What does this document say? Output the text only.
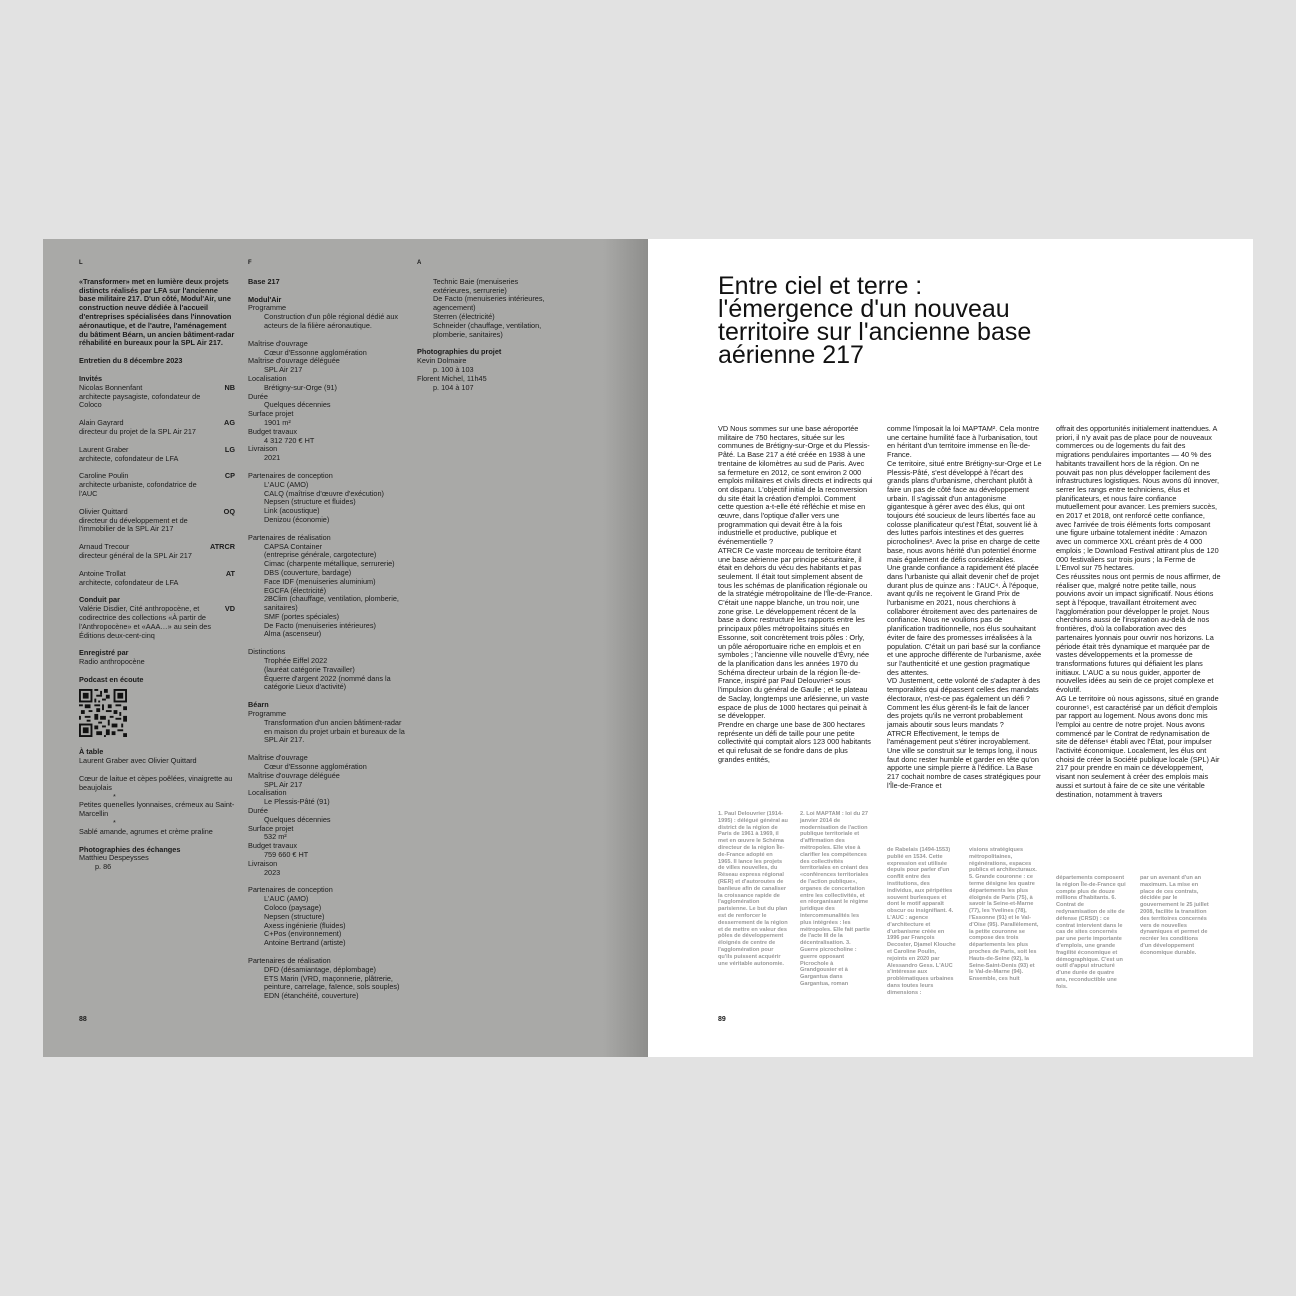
L
«Transformer» met en lumière deux projets distincts réalisés par LFA sur l'ancienne base militaire 217. D'un côté, Modul'Air, une construction neuve dédiée à l'accueil d'entreprises spécialisées dans l'innovation aéronautique, et de l'autre, l'aménagement du bâtiment Béarn, un ancien bâtiment-radar réhabilité en bureaux pour la SPL Air 217.
Entretien du 8 décembre 2023
Invités
Nicolas Bonnenfant
architecte paysagiste, cofondateur de Coloco
NB
Alain Gayrard
directeur du projet de la SPL Air 217
AG
Laurent Graber
architecte, cofondateur de LFA
LG
Caroline Poulin
architecte urbaniste, cofondatrice de l'AUC
CP
Olivier Quittard
directeur du développement et de l'immobilier de la SPL Air 217
OQ
Arnaud Trecour
directeur général de la SPL Air 217
ATRCR
Antoine Trollat
architecte, cofondateur de LFA
AT
Conduit par
Valérie Disdier, Cité anthropocène, et codirectrice des collections «À partir de l'Anthropocène» et «AAA…» au sein des Éditions deux-cent-cinq
VD
Enregistré par
Radio anthropocène
Podcast en écoute
À table
Laurent Graber avec Olivier Quittard
Cœur de laitue et cèpes poêlées, vinaigrette au beaujolais
*
Petites quenelles lyonnaises, crémeux au Saint-Marcellin
*
Sablé amande, agrumes et crème praline
Photographies des échanges
Matthieu Despeysses
p. 86
F
Base 217
Modul'Air
Programme
Construction d'un pôle régional dédié aux acteurs de la filière aéronautique.
Maîtrise d'ouvrage
Cœur d'Essonne agglomération
Maîtrise d'ouvrage déléguée
SPL Air 217
Localisation
Brétigny-sur-Orge (91)
Durée
Quelques décennies
Surface projet
1901 m²
Budget travaux
4 312 720 € HT
Livraison
2021
Partenaires de conception
L'AUC (AMO)
CALQ (maîtrise d'œuvre d'exécution)
Nepsen (structure et fluides)
Link (acoustique)
Denizou (économie)
Partenaires de réalisation
CAPSA Container
(entreprise générale, cargotecture)
Cimac (charpente métallique, serrurerie)
DBS (couverture, bardage)
Face IDF (menuiseries aluminium)
EGCFA (électricité)
2BClim (chauffage, ventilation, plomberie, sanitaires)
SMF (portes spéciales)
De Facto (menuiseries intérieures)
Alma (ascenseur)
Distinctions
Trophée Eiffel 2022
(lauréat catégorie Travailler)
Équerre d'argent 2022 (nommé dans la catégorie Lieux d'activité)
Béarn
Programme
Transformation d'un ancien bâtiment-radar en maison du projet urbain et bureaux de la SPL Air 217.
Maîtrise d'ouvrage
Cœur d'Essonne agglomération
Maîtrise d'ouvrage déléguée
SPL Air 217
Localisation
Le Plessis-Pâté (91)
Durée
Quelques décennies
Surface projet
532 m²
Budget travaux
759 660 € HT
Livraison
2023
Partenaires de conception
L'AUC (AMO)
Coloco (paysage)
Nepsen (structure)
Axess ingénierie (fluides)
C+Pos (environnement)
Antoine Bertrand (artiste)
Partenaires de réalisation
DFD (désamiantage, déplombage)
ETS Marin (VRD, maçonnerie, plâtrerie, peinture, carrelage, faïence, sols souples)
EDN (étanchéité, couverture)
A
Technic Baie (menuiseries extérieures, serrurerie)
De Facto (menuiseries intérieures, agencement)
Sterren (électricité)
Schneider (chauffage, ventilation, plomberie, sanitaires)
Photographies du projet
Kevin Dolmaire
p. 100 à 103
Florent Michel, 11h45
p. 104 à 107
88
Entre ciel et terre : l'émergence d'un nouveau territoire sur l'ancienne base aérienne 217

VD Nous sommes sur une base aéroportée militaire de 750 hectares, située sur les communes de Brétigny-sur-Orge et du Plessis-Pâté. La Base 217 a été créée en 1938 à une trentaine de kilomètres au sud de Paris. Avec sa fermeture en 2012, ce sont environ 2 000 emplois militaires et civils directs et indirects qui ont disparu. L'objectif initial de la reconversion du site était la création d'emploi. Comment cette question a-t-elle été réfléchie et mise en œuvre, dans l'optique d'aller vers une programmation qui devait être à la fois industrielle et productive, publique et événementielle ?
ATRCR Ce vaste morceau de territoire étant une base aérienne par principe sécuritaire, il était en dehors du vécu des habitants et pas seulement. Il était tout simplement absent de tous les schémas de planification régionale ou de la stratégie métropolitaine de l'Île-de-France. C'était une nappe blanche, un trou noir, une zone grise. Le développement récent de la base a donc restructuré les rapports entre les principaux pôles métropolitains situés en Essonne, soit concrètement trois pôles : Orly, un pôle aéroportuaire riche en emplois et en symboles ; l'ancienne ville nouvelle d'Évry, née de la planification dans les années 1970 du Schéma directeur urbain de la région Île-de-France, inspiré par Paul Delouvrier¹ sous l'impulsion du général de Gaulle ; et le plateau de Saclay, longtemps une arlésienne, un vaste espace de plus de 1000 hectares qui peinait à se développer.
Prendre en charge une base de 300 hectares représente un défi de taille pour une petite collectivité qui comptait alors 123 000 habitants et qui refusait de se fondre dans de plus grandes entités,

comme l'imposait la loi MAPTAM². Cela montre une certaine humilité face à l'urbanisation, tout en héritant d'un territoire immense en Île-de-France.
Ce territoire, situé entre Brétigny-sur-Orge et Le Plessis-Pâté, s'est développé à l'écart des grands plans d'urbanisme, cherchant plutôt à faire un pas de côté face au développement urbain. Il s'agissait d'un antagonisme gigantesque à gérer avec des élus, qui ont toujours été soucieux de leurs libertés face au colosse planificateur qu'est l'État, souvent lié à des luttes parfois intestines et des guerres picrocholines³. Avec la prise en charge de cette base, nous avons hérité d'un potentiel énorme mais également de défis considérables.
Une grande confiance a rapidement été placée dans l'urbaniste qui allait devenir chef de projet durant plus de quinze ans : l'AUC⁴. À l'époque, avant qu'ils ne reçoivent le Grand Prix de l'urbanisme en 2021, nous cherchions à collaborer étroitement avec des partenaires de confiance. Nous ne voulions pas de planification traditionnelle, nos élus souhaitant éviter de faire des promesses irréalisées à la population. C'était un pari basé sur la confiance et une approche différente de l'urbanisme, axée sur l'authenticité et une gestion pragmatique des attentes.
VD Justement, cette volonté de s'adapter à des temporalités qui dépassent celles des mandats électoraux, n'est-ce pas également un défi ? Comment les élus gèrent-ils le fait de lancer des projets qu'ils ne verront probablement jamais aboutir sous leurs mandats ?
ATRCR Effectivement, le temps de l'aménagement peut s'étirer incroyablement. Une ville se construit sur le temps long, il nous faut donc rester humble et garder en tête qu'on apporte une simple pierre à l'édifice. La Base 217 cochait nombre de cases stratégiques pour l'Île-de-France et

offrait des opportunités initialement inattendues. A priori, il n'y avait pas de place pour de nouveaux commerces ou de logements du fait des migrations pendulaires importantes — 40 % des habitants travaillent hors de la région. On ne pouvait pas non plus développer facilement des infrastructures logistiques. Nous avons dû innover, serrer les rangs entre techniciens, élus et planificateurs, et nous faire confiance mutuellement pour avancer. Les premiers succès, en 2017 et 2018, ont renforcé cette confiance, avec l'arrivée de trois éléments forts composant une figure urbaine totalement inédite : Amazon avec un commerce XXL créant près de 4 000 emplois ; le Download Festival attirant plus de 120 000 festivaliers sur trois jours ; la Ferme de L'Envol sur 75 hectares.
Ces réussites nous ont permis de nous affirmer, de réaliser que, malgré notre petite taille, nous pouvions avoir un impact significatif. Nous étions sept à l'époque, travaillant étroitement avec l'agglomération pour développer le projet. Nous cherchions aussi de l'inspiration au-delà de nos frontières, d'où la collaboration avec des partenaires lyonnais pour ouvrir nos horizons. La période était très dynamique et marquée par de vastes développements et la promesse de transformations futures qui défiaient les plans initiaux. L'AUC a su nous guider, apporter de nouvelles idées au sein de ce projet complexe et évolutif.
AG Le territoire où nous agissons, situé en grande couronne⁵, est caractérisé par un déficit d'emplois par rapport au logement. Nous avons donc mis l'emploi au centre de notre projet. Nous avons commencé par le Contrat de redynamisation de site de défense⁶ établi avec l'État, pour impulser l'activité économique. Localement, les élus ont choisi de créer la Société publique locale (SPL) Air 217 pour prendre en main ce développement, visant non seulement à créer des emplois mais aussi et surtout à faire de ce site une véritable destination, notamment à travers

1. Paul Delouvrier (1914-1995) : délégué général au district de la région de Paris de 1961 à 1969, il met en œuvre le Schéma directeur de la région Île-de-France adopté en 1965. Il lance les projets de villes nouvelles, du Réseau express régional (RER) et d'autoroutes de banlieue afin de canaliser la croissance rapide de l'agglomération parisienne. Le but du plan est de renforcer le desserrement de la région et de mettre en valeur des pôles de développement éloignés de centre de l'agglomération pour qu'ils puissent acquérir une véritable autonomie.
2. Loi MAPTAM : loi du 27 janvier 2014 de modernisation de l'action publique territoriale et d'affirmation des métropoles. Elle vise à clarifier les compétences des collectivités territoriales en créant des «conférences territoriales de l'action publique», organes de concertation entre les collectivités, et en réorganisant le régime juridique des intercommunalités les plus intégrées : les métropoles. Elle fait partie de l'acte III de la décentralisation. 3. Guerre picrocholine : guerre opposant Picrochole à Grandgousier et à Gargantua dans Gargantua, roman
de Rabelais (1494-1553) publié en 1534. Cette expression est utilisée depuis pour parler d'un conflit entre des institutions, des individus, aux péripéties souvent burlesques et dont le motif apparaît obscur ou insignifiant. 4. L'AUC : agence d'architecture et d'urbanisme créée en 1996 par François Decoster, Djamel Klouche et Caroline Poulin, rejoints en 2020 par Alessandro Gess. L'AUC s'intéresse aux problématiques urbaines dans toutes leurs dimensions :
visions stratégiques métropolitaines, régénérations, espaces publics et architecturaux. 5. Grande couronne : ce terme désigne les quatre départements les plus éloignés de Paris (75), à savoir la Seine-et-Marne (77), les Yvelines (78), l'Essonne (91) et le Val-d'Oise (95). Parallèlement, la petite couronne se compose des trois départements les plus proches de Paris, soit les Hauts-de-Seine (92), la Seine-Saint-Denis (93) et le Val-de-Marne (94). Ensemble, ces huit
départements composent la région Île-de-France qui compte plus de douze millions d'habitants. 6. Contrat de redynamisation de site de défense (CRSD) : ce contrat intervient dans le cas de sites concernés par une perte importante d'emplois, une grande fragilité économique et démographique. C'est un outil d'appui structuré d'une durée de quatre ans, reconductible une fois.
par un avenant d'un an maximum. La mise en place de ces contrats, décidée par le gouvernement le 25 juillet 2008, facilite la transition des territoires concernés vers de nouvelles dynamiques et permet de recréer les conditions d'un développement économique durable.
89
